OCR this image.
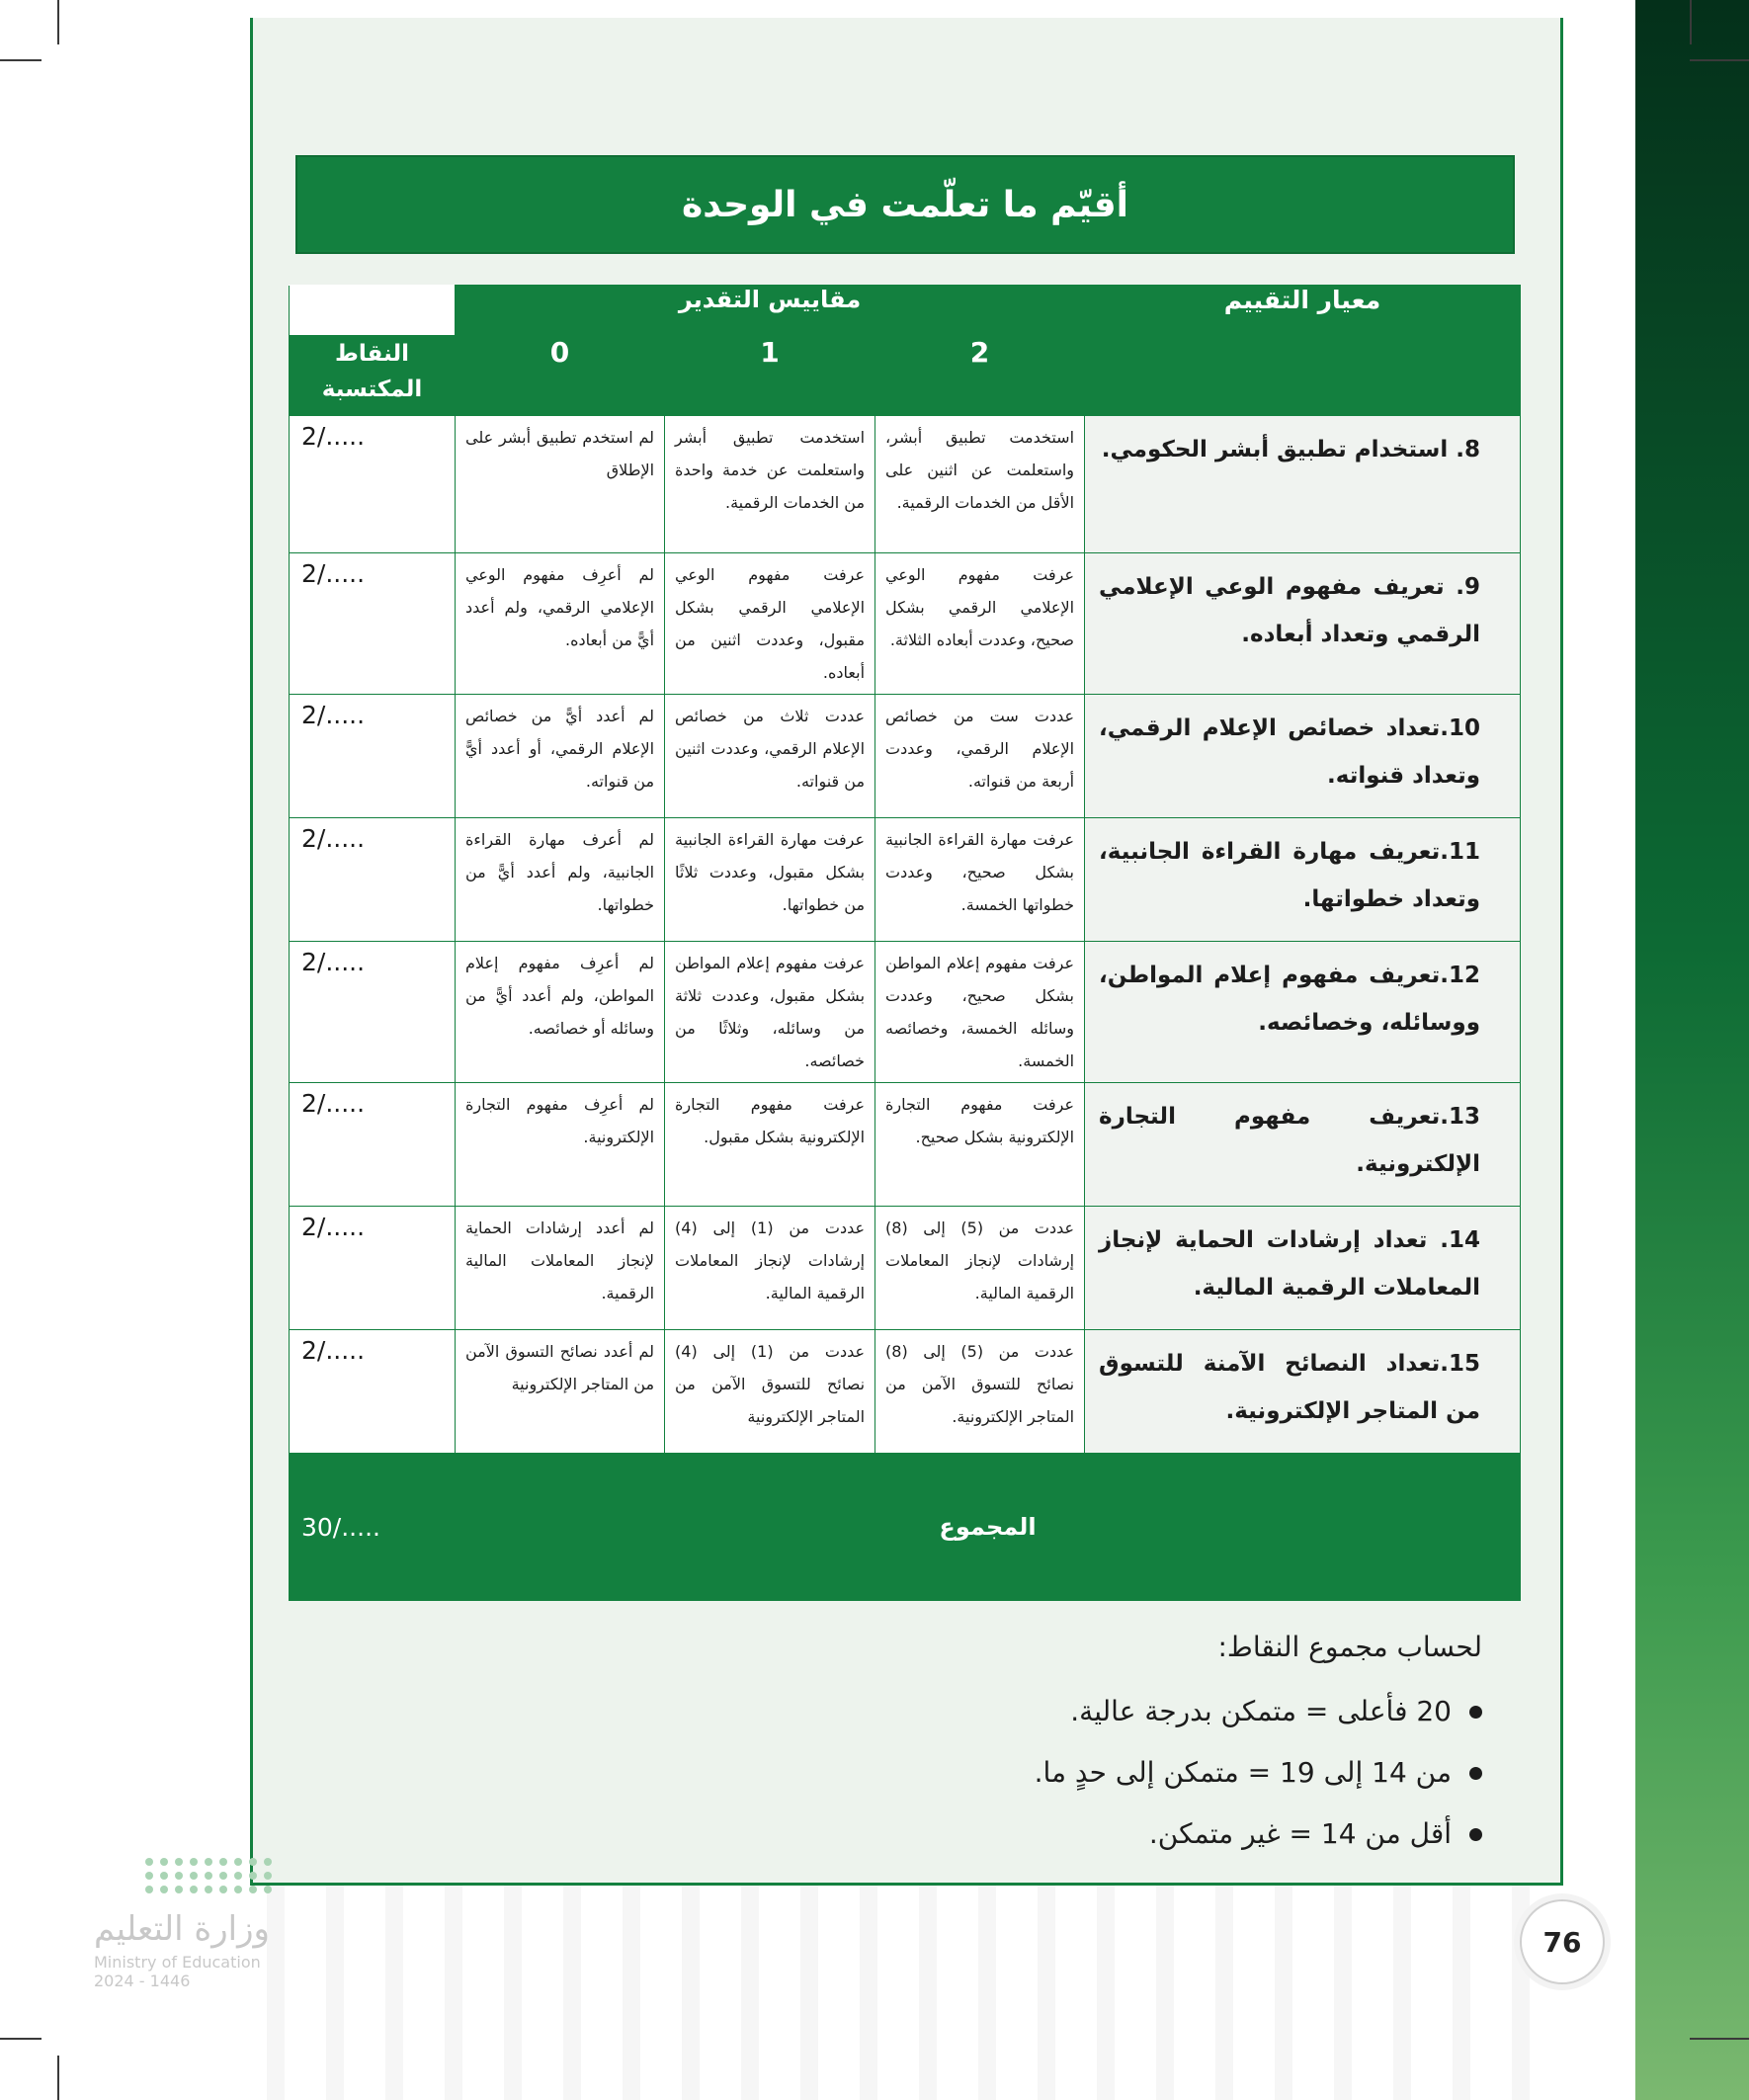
أقيّم ما تعلّمت في الوحدة
معيار التقييم	مقاييس التقدير			
	2	1	0	النقاط المكتسبة
8. استخدام تطبيق أبشر الحكومي.	استخدمت تطبيق أبشر، واستعلمت عن اثنين على الأقل من الخدمات الرقمية.	استخدمت تطبيق أبشر واستعلمت عن خدمة واحدة من الخدمات الرقمية.	لم استخدم تطبيق أبشر على الإطلاق	2/.....
9. تعريف مفهوم الوعي الإعلامي الرقمي وتعداد أبعاده.	عرفت مفهوم الوعي الإعلامي الرقمي بشكل صحيح، وعددت أبعاده الثلاثة.	عرفت مفهوم الوعي الإعلامي الرقمي بشكل مقبول، وعددت اثنين من أبعاده.	لم أعرِف مفهوم الوعي الإعلامي الرقمي، ولم أعدد أيًّ من أبعاده.	2/.....
10.تعداد خصائص الإعلام الرقمي، وتعداد قنواته.	عددت ست من خصائص الإعلام الرقمي، وعددت أربعة من قنواته.	عددت ثلاث من خصائص الإعلام الرقمي، وعددت اثنين من قنواته.	لم أعدد أيًّ من خصائص الإعلام الرقمي، أو أعدد أيًّ من قنواته.	2/.....
11.تعريف مهارة القراءة الجانبية، وتعداد خطواتها.	عرفت مهارة القراءة الجانبية بشكل صحيح، وعددت خطواتها الخمسة.	عرفت مهارة القراءة الجانبية بشكل مقبول، وعددت ثلاثًا من خطواتها.	لم أعرف مهارة القراءة الجانبية، ولم أعدد أيًّ من خطواتها.	2/.....
12.تعريف مفهوم إعلام المواطن، ووسائله، وخصائصه.	عرفت مفهوم إعلام المواطن بشكل صحيح، وعددت وسائله الخمسة، وخصائصه الخمسة.	عرفت مفهوم إعلام المواطن بشكل مقبول، وعددت ثلاثة من وسائله، وثلاثًا من خصائصه.	لم أعرِف مفهوم إعلام المواطن، ولم أعدد أيًّ من وسائله أو خصائصه.	2/.....
13.تعريف مفهوم التجارة الإلكترونية.	عرفت مفهوم التجارة الإلكترونية بشكل صحيح.	عرفت مفهوم التجارة الإلكترونية بشكل مقبول.	لم أعرِف مفهوم التجارة الإلكترونية.	2/.....
14. تعداد إرشادات الحماية لإنجاز المعاملات الرقمية المالية.	عددت من (5) إلى (8) إرشادات لإنجاز المعاملات الرقمية المالية.	عددت من (1) إلى (4) إرشادات لإنجاز المعاملات الرقمية المالية.	لم أعدد إرشادات الحماية لإنجاز المعاملات المالية الرقمية.	2/.....
15.تعداد النصائح الآمنة للتسوق من المتاجر الإلكترونية.	عددت من (5) إلى (8) نصائح للتسوق الآمن من المتاجر الإلكترونية.	عددت من (1) إلى (4) نصائح للتسوق الآمن من المتاجر الإلكترونية	لم أعدد نصائح التسوق الآمن من المتاجر الإلكترونية	2/.....
المجموع				30/.....
لحساب مجموع النقاط:
20 فأعلى = متمكن بدرجة عالية.
من 14 إلى 19 = متمكن إلى حدٍ ما.
أقل من 14 = غير متمكن.
76
وزارة التعليم
Ministry of Education
2024 - 1446
